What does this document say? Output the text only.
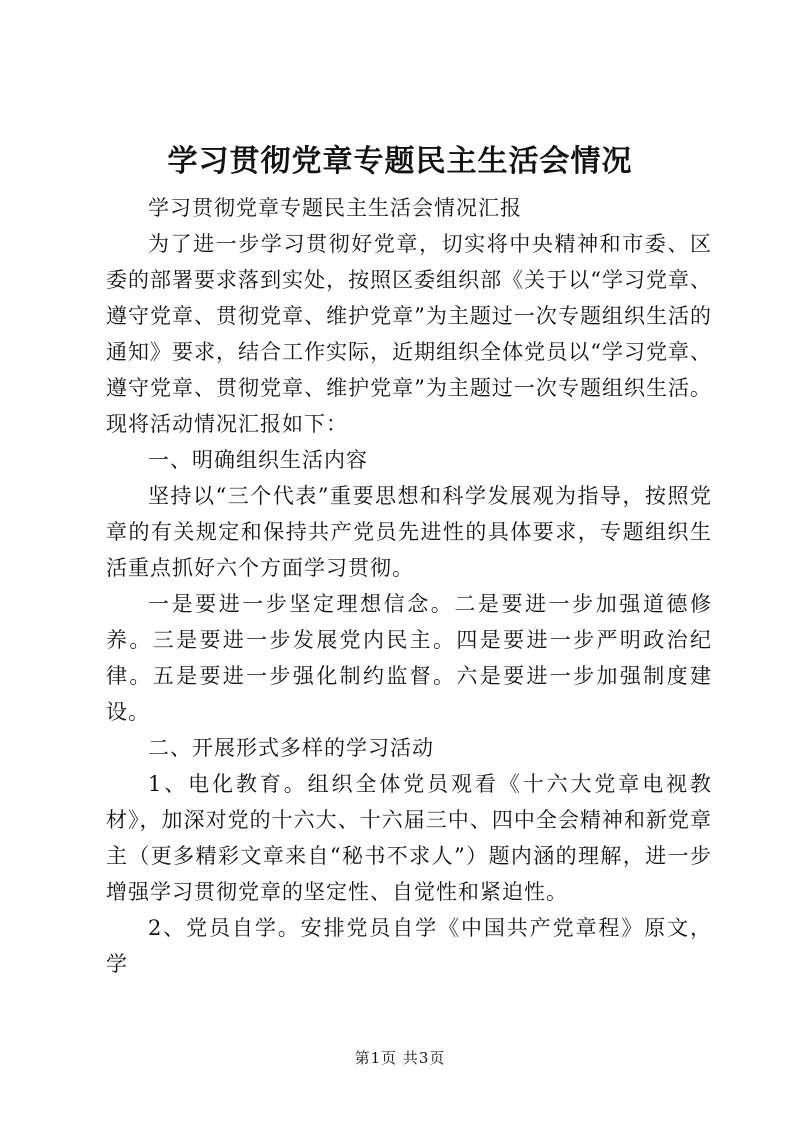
学习贯彻党章专题民主生活会情况

学习贯彻党章专题民主生活会情况汇报

为了进一步学习贯彻好党章，切实将中央精神和市委、区委的部署要求落到实处，按照区委组织部《关于以“学习党章、遵守党章、贯彻党章、维护党章”为主题过一次专题组织生活的通知》要求，结合工作实际，近期组织全体党员以“学习党章、遵守党章、贯彻党章、维护党章”为主题过一次专题组织生活。现将活动情况汇报如下：

一、明确组织生活内容

坚持以“三个代表”重要思想和科学发展观为指导，按照党章的有关规定和保持共产党员先进性的具体要求，专题组织生活重点抓好六个方面学习贯彻。

一是要进一步坚定理想信念。二是要进一步加强道德修养。三是要进一步发展党内民主。四是要进一步严明政治纪律。五是要进一步强化制约监督。六是要进一步加强制度建设。

二、开展形式多样的学习活动

1、电化教育。组织全体党员观看《十六大党章电视教材》，加深对党的十六大、十六届三中、四中全会精神和新党章主（更多精彩文章来自“秘书不求人”）题内涵的理解，进一步增强学习贯彻党章的坚定性、自觉性和紧迫性。

2、党员自学。安排党员自学《中国共产党章程》原文，学

第1页 共3页
